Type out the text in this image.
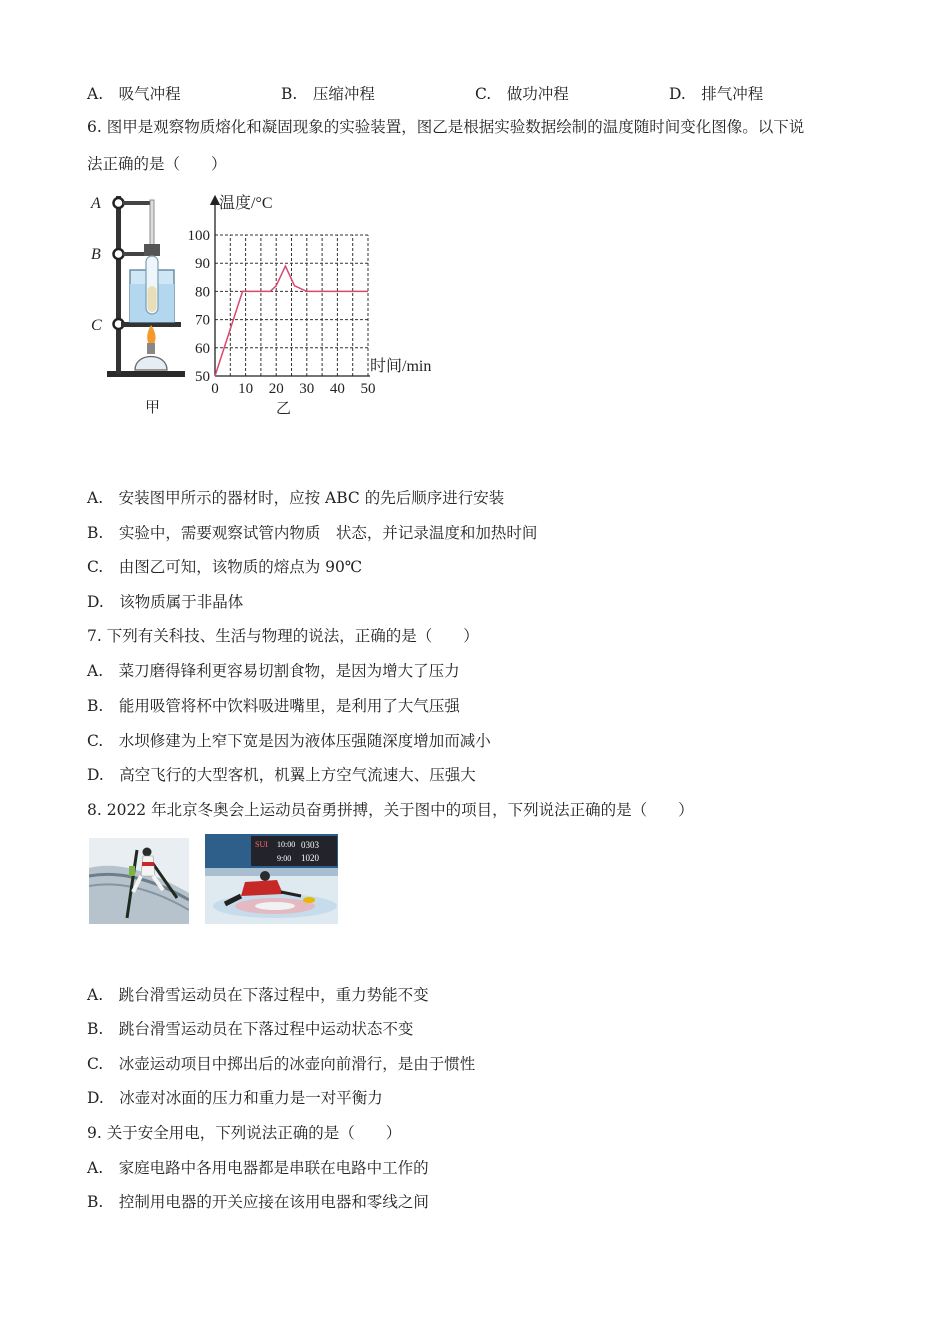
A.　吸气冲程	B.　压缩冲程	C.　做功冲程	D.　排气冲程
6. 图甲是观察物质熔化和凝固现象的实验装置，图乙是根据实验数据绘制的温度随时间变化图像。以下说
法正确的是（　　）
A
B
C
甲
温度/°C
时间/min
50
60
70
80
90
100
0 10 20 30 40 50
乙
A.　安装图甲所示的器材时，应按 ABC 的先后顺序进行安装
B.　实验中，需要观察试管内物质　状态，并记录温度和加热时间
C.　由图乙可知，该物质的熔点为 90℃
D.　该物质属于非晶体
7. 下列有关科技、生活与物理的说法，正确的是（　　）
A.　菜刀磨得锋利更容易切割食物，是因为增大了压力
B.　能用吸管将杯中饮料吸进嘴里，是利用了大气压强
C.　水坝修建为上窄下宽是因为液体压强随深度增加而减小
D.　高空飞行的大型客机，机翼上方空气流速大、压强大
8. 2022 年北京冬奥会上运动员奋勇拼搏，关于图中的项目，下列说法正确的是（　　）
SUI 10:00 0303
9:00 1020
A.　跳台滑雪运动员在下落过程中，重力势能不变
B.　跳台滑雪运动员在下落过程中运动状态不变
C.　冰壶运动项目中掷出后的冰壶向前滑行，是由于惯性
D.　冰壶对冰面的压力和重力是一对平衡力
9. 关于安全用电，下列说法正确的是（　　）
A.　家庭电路中各用电器都是串联在电路中工作的
B.　控制用电器的开关应接在该用电器和零线之间
